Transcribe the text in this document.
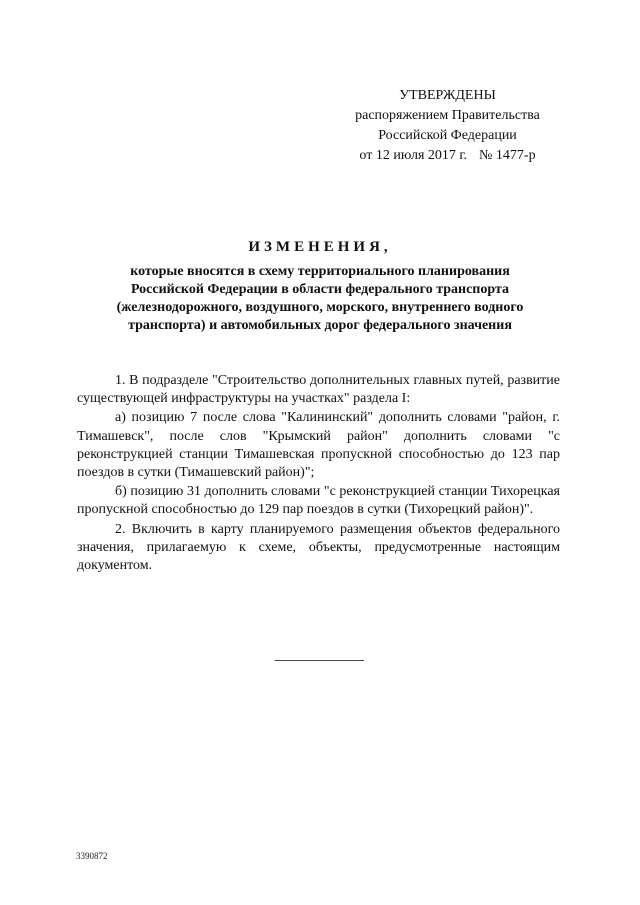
УТВЕРЖДЕНЫ
распоряжением Правительства
Российской Федерации
от 12 июля 2017 г. № 1477-р
ИЗМЕНЕНИЯ,
которые вносятся в схему территориального планирования
Российской Федерации в области федерального транспорта
(железнодорожного, воздушного, морского, внутреннего водного
транспорта) и автомобильных дорог федерального значения

1. В подразделе "Строительство дополнительных главных путей, развитие существующей инфраструктуры на участках" раздела I:

а) позицию 7 после слова "Калининский" дополнить словами "район, г. Тимашевск", после слов "Крымский район" дополнить словами "с реконструкцией станции Тимашевская пропускной способностью до 123 пар поездов в сутки (Тимашевский район)";

б) позицию 31 дополнить словами "с реконструкцией станции Тихорецкая пропускной способностью до 129 пар поездов в сутки (Тихорецкий район)".

2. Включить в карту планируемого размещения объектов федерального значения, прилагаемую к схеме, объекты, предусмотренные настоящим документом.

3390872
